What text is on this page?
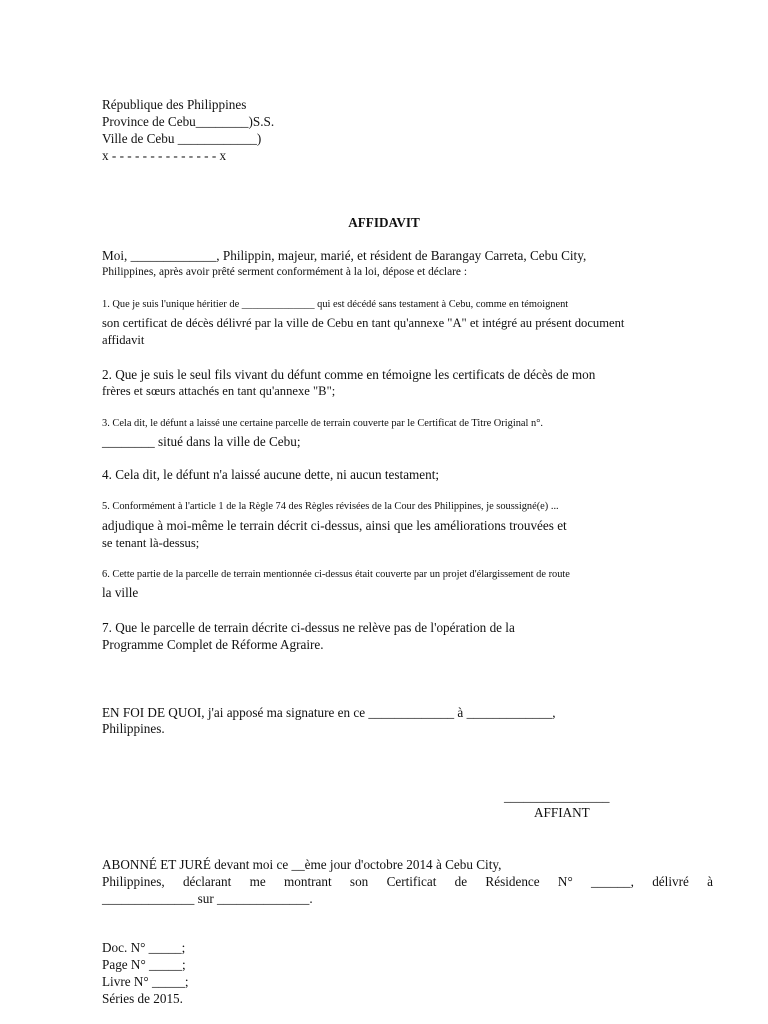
République des Philippines
Province de Cebu________)S.S.
Ville de Cebu ____________)
x - - - - - - - - - - - - - - x
AFFIDAVIT
Moi, _____________, Philippin, majeur, marié, et résident de Barangay Carreta, Cebu City,
Philippines, après avoir prêté serment conformément à la loi, dépose et déclare :
1. Que je suis l'unique héritier de ______________ qui est décédé sans testament à Cebu, comme en témoignent
son certificat de décès délivré par la ville de Cebu en tant qu'annexe "A" et intégré au présent document
affidavit
2. Que je suis le seul fils vivant du défunt comme en témoigne les certificats de décès de mon
frères et sœurs attachés en tant qu'annexe "B";
3. Cela dit, le défunt a laissé une certaine parcelle de terrain couverte par le Certificat de Titre Original n°.
________ situé dans la ville de Cebu;
4. Cela dit, le défunt n'a laissé aucune dette, ni aucun testament;
5. Conformément à l'article 1 de la Règle 74 des Règles révisées de la Cour des Philippines, je soussigné(e) ...
adjudique à moi-même le terrain décrit ci-dessus, ainsi que les améliorations trouvées et
se tenant là-dessus;
6. Cette partie de la parcelle de terrain mentionnée ci-dessus était couverte par un projet d'élargissement de route
la ville
7. Que le parcelle de terrain décrite ci-dessus ne relève pas de l'opération de la
Programme Complet de Réforme Agraire.
EN FOI DE QUOI, j'ai apposé ma signature en ce _____________ à _____________,
Philippines.
________________
AFFIANT
ABONNÉ ET JURÉ devant moi ce __ème jour d'octobre 2014 à Cebu City,
Philippines, déclarant me montrant son Certificat de Résidence N° ______, délivré à
______________ sur ______________.
Doc. N° _____;
Page N° _____;
Livre N° _____;
Séries de 2015.
